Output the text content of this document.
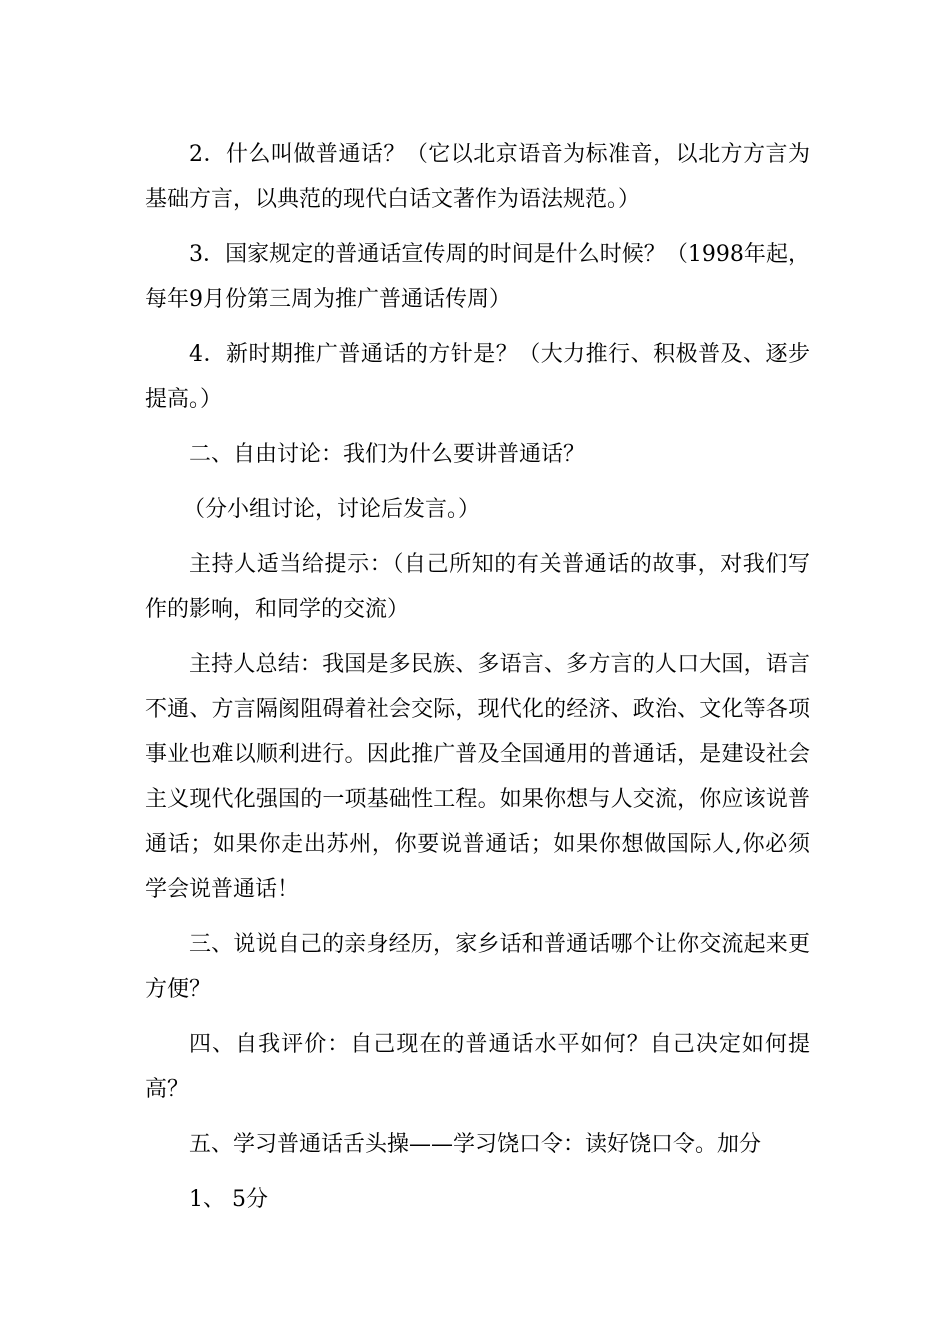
2．什么叫做普通话？（它以北京语音为标准音，以北方方言为基础方言，以典范的现代白话文著作为语法规范。）

3．国家规定的普通话宣传周的时间是什么时候？（1998年起，每年9月份第三周为推广普通话传周）

4．新时期推广普通话的方针是？（大力推行、积极普及、逐步提高。）

二、自由讨论：我们为什么要讲普通话？

（分小组讨论，讨论后发言。）

主持人适当给提示：（自己所知的有关普通话的故事，对我们写作的影响，和同学的交流）

主持人总结：我国是多民族、多语言、多方言的人口大国，语言不通、方言隔阂阻碍着社会交际，现代化的经济、政治、文化等各项事业也难以顺利进行。因此推广普及全国通用的普通话，是建设社会主义现代化强国的一项基础性工程。如果你想与人交流，你应该说普通话；如果你走出苏州，你要说普通话；如果你想做国际人,你必须学会说普通话！

三、说说自己的亲身经历，家乡话和普通话哪个让你交流起来更方便？

四、自我评价：自己现在的普通话水平如何？自己决定如何提高？

五、学习普通话舌头操——学习饶口令：读好饶口令。加分

1、 5分
